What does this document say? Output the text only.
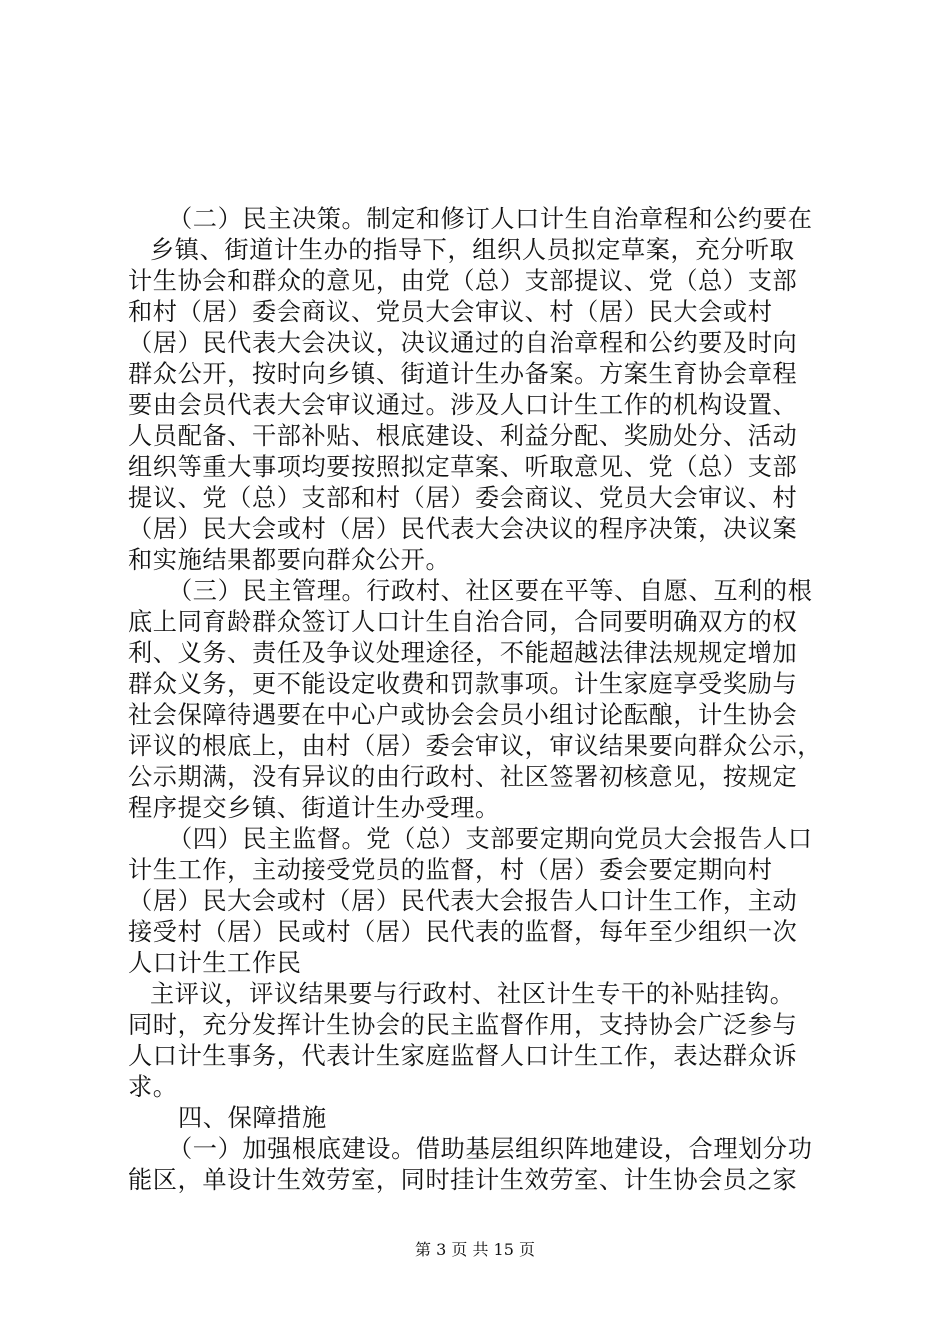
（二）民主决策。制定和修订人口计生自治章程和公约要在
乡镇、街道计生办的指导下，组织人员拟定草案，充分听取
计生协会和群众的意见，由党（总）支部提议、党（总）支部
和村（居）委会商议、党员大会审议、村（居）民大会或村
（居）民代表大会决议，决议通过的自治章程和公约要及时向
群众公开，按时向乡镇、街道计生办备案。方案生育协会章程
要由会员代表大会审议通过。涉及人口计生工作的机构设置、
人员配备、干部补贴、根底建设、利益分配、奖励处分、活动
组织等重大事项均要按照拟定草案、听取意见、党（总）支部
提议、党（总）支部和村（居）委会商议、党员大会审议、村
（居）民大会或村（居）民代表大会决议的程序决策，决议案
和实施结果都要向群众公开。
（三）民主管理。行政村、社区要在平等、自愿、互利的根
底上同育龄群众签订人口计生自治合同，合同要明确双方的权
利、义务、责任及争议处理途径，不能超越法律法规规定增加
群众义务，更不能设定收费和罚款事项。计生家庭享受奖励与
社会保障待遇要在中心户或协会会员小组讨论酝酿，计生协会
评议的根底上，由村（居）委会审议，审议结果要向群众公示，
公示期满，没有异议的由行政村、社区签署初核意见，按规定
程序提交乡镇、街道计生办受理。
（四）民主监督。党（总）支部要定期向党员大会报告人口
计生工作，主动接受党员的监督，村（居）委会要定期向村
（居）民大会或村（居）民代表大会报告人口计生工作，主动
接受村（居）民或村（居）民代表的监督，每年至少组织一次
人口计生工作民
主评议，评议结果要与行政村、社区计生专干的补贴挂钩。
同时，充分发挥计生协会的民主监督作用，支持协会广泛参与
人口计生事务，代表计生家庭监督人口计生工作，表达群众诉
求。
四、保障措施
（一）加强根底建设。借助基层组织阵地建设，合理划分功
能区，单设计生效劳室，同时挂计生效劳室、计生协会员之家
第 3 页 共 15 页
